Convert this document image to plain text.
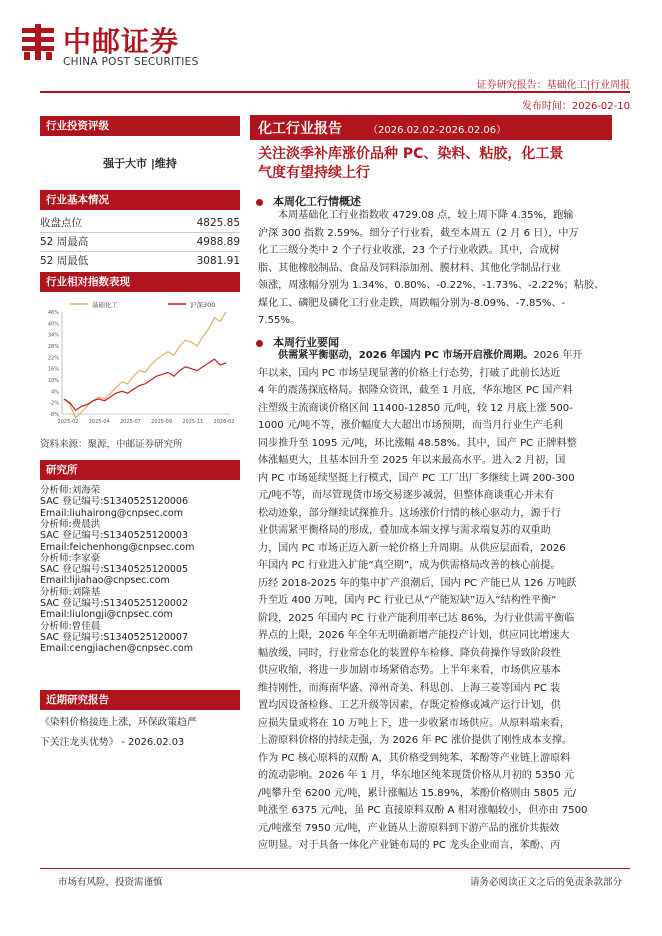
中邮证券
CHINA POST SECURITIES
证券研究报告：基础化工|行业周报
发布时间：2026-02-10
行业投资评级
强于大市 |维持
行业基本情况
收盘点位	4825.85
52 周最高	4988.89
52 周最低	3081.91
行业相对指数表现
基础化工	沪深300
46%
40%
34%
28%
22%
16%
10%
4%
-2%
-8%
2025-02 2025-04 2025-07 2025-09 2025-11 2026-02
资料来源：聚源，中邮证券研究所
研究所
分析师:刘海荣
SAC 登记编号:S1340525120006
Email:liuhairong@cnpsec.com
分析师:费晨洪
SAC 登记编号:S1340525120003
Email:feichenhong@cnpsec.com
分析师:李家豪
SAC 登记编号:S1340525120005
Email:lijiahao@cnpsec.com
分析师:刘隆基
SAC 登记编号:S1340525120002
Email:liulongji@cnpsec.com
分析师:曾佳晨
SAC 登记编号:S1340525120007
Email:cengjiachen@cnpsec.com
近期研究报告
《染料价格接连上涨，环保政策趋严
下关注龙头优势》 - 2026.02.03
化工行业报告	（2026.02.02-2026.02.06）
关注淡季补库涨价品种 PC、染料、粘胶，化工景
气度有望持续上行
本周化工行情概述
本周基础化工行业指数收 4729.08 点，较上周下降 4.35%，跑输
沪深 300 指数 2.59%。细分子行业看，截至本周五（2 月 6 日），中万
化工三级分类中 2 个子行业收涨，23 个子行业收跌。其中，合成树
脂、其他橡胶制品、食品及饲料添加剂、膜材料、其他化学制品行业
领涨，周涨幅分别为 1.34%、0.80%、-0.22%、-1.73%、-2.22%；粘胶、
煤化工、磷肥及磷化工行业走跌，周跌幅分别为-8.09%、-7.85%、-
7.55%。
本周行业要闻
供需紧平衡驱动，2026 年国内 PC 市场开启涨价周期。2026 年开
年以来，国内 PC 市场呈现显著的价格上行态势，打破了此前长达近
4 年的震荡探底格局。据隆众资讯，截至 1 月底，华东地区 PC 国产料
注塑级主流商谈价格区间 11400-12850 元/吨，较 12 月底上涨 500-
1000 元/吨不等，涨价幅度大大超出市场预期，而当月行业生产毛利
同步推升至 1095 元/吨，环比涨幅 48.58%。其中，国产 PC 正牌料整
体涨幅更大，且基本回升至 2025 年以来最高水平。进入 2 月初，国
内 PC 市场延续坚挺上行模式，国产 PC 工厂出厂多继续上调 200-300
元/吨不等，而尽管现货市场交易逐步减弱，但整体商谈重心并未有
松动迹象，部分继续试探推升。这场涨价行情的核心驱动力，源于行
业供需紧平衡格局的形成，叠加成本端支撑与需求端复苏的双重助
力，国内 PC 市场正迈入新一轮价格上升周期。从供应层面看，2026
年国内 PC 行业进入扩能“真空期”，成为供需格局改善的核心前提。
历经 2018-2025 年的集中扩产浪潮后，国内 PC 产能已从 126 万吨跃
升至近 400 万吨，国内 PC 行业已从“产能短缺”迈入“结构性平衡”
阶段，2025 年国内 PC 行业产能利用率已达 86%，为行业供需平衡临
界点的上限，2026 年全年无明确新增产能投产计划，供应同比增速大
幅放缓，同时，行业常态化的装置停车检修、降负荷操作导致阶段性
供应收缩，将进一步加剧市场紧俏态势。上半年来看，市场供应基本
维持刚性，而海南华盛、漳州奇美、科思创、上海三菱等国内 PC 装
置均因设备检修、工艺升级等因素，存既定检修或减产运行计划，供
应损失量或将在 10 万吨上下，进一步收紧市场供应。从原料端来看，
上游原料价格的持续走强，为 2026 年 PC 涨价提供了刚性成本支撑。
作为 PC 核心原料的双酚 A，其价格受到纯苯、苯酚等产业链上游原料
的流动影响。2026 年 1 月，华东地区纯苯现货价格从月初的 5350 元
/吨攀升至 6200 元/吨，累计涨幅达 15.89%，苯酚价格则由 5805 元/
吨涨至 6375 元/吨，虽 PC 直接原料双酚 A 相对涨幅较小，但亦由 7500
元/吨涨至 7950 元/吨，产业链从上游原料到下游产品的涨价共振效
应明显。对于具备一体化产业链布局的 PC 龙头企业而言，苯酚、丙
市场有风险，投资需谨慎	请务必阅读正文之后的免责条款部分
